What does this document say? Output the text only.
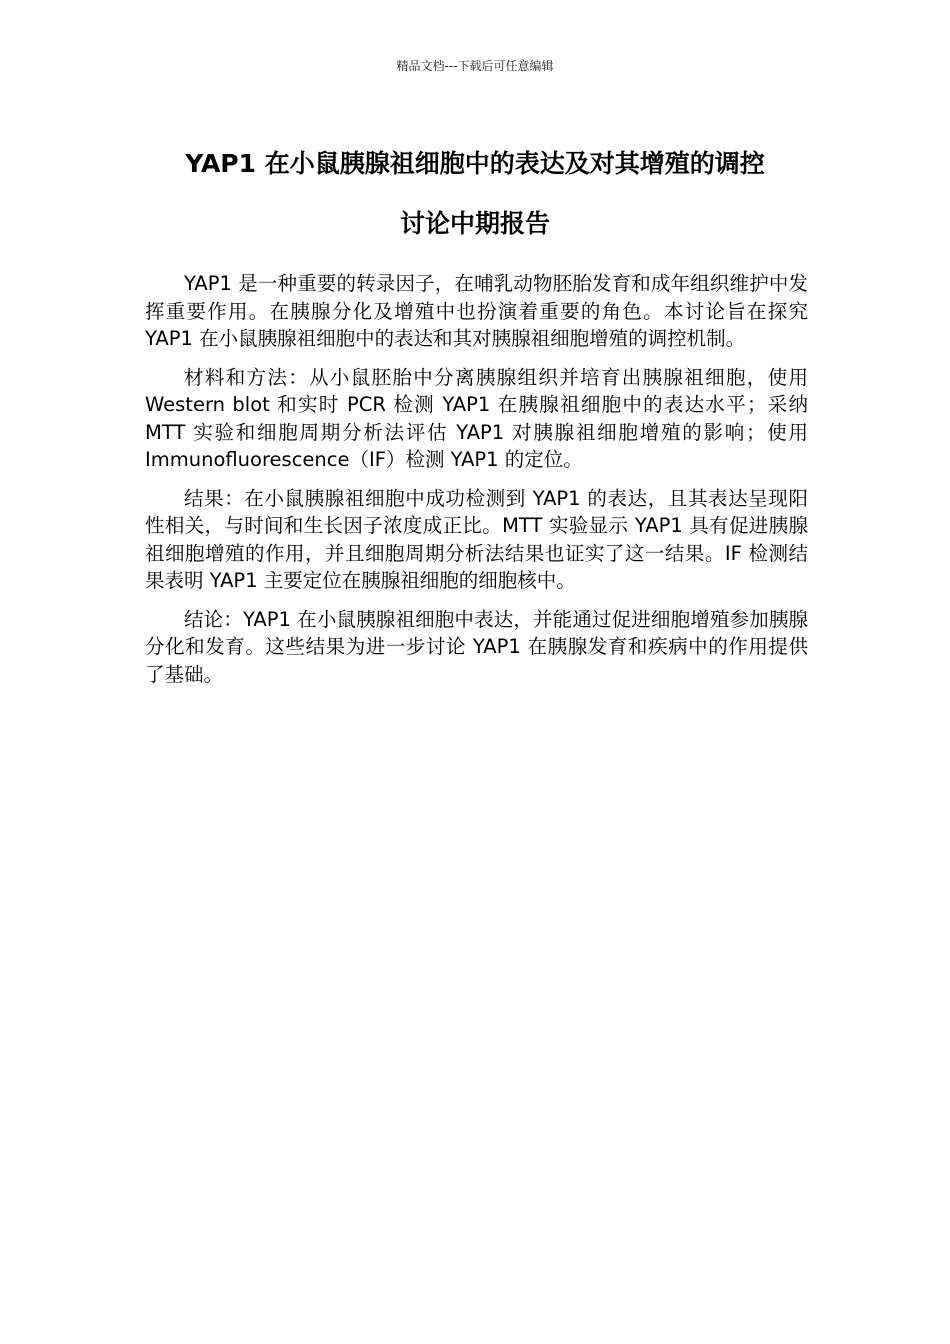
精品文档---下载后可任意编辑
YAP1 在小鼠胰腺祖细胞中的表达及对其增殖的调控
讨论中期报告

YAP1 是一种重要的转录因子，在哺乳动物胚胎发育和成年组织维护中发挥重要作用。在胰腺分化及增殖中也扮演着重要的角色。本讨论旨在探究 YAP1 在小鼠胰腺祖细胞中的表达和其对胰腺祖细胞增殖的调控机制。

材料和方法：从小鼠胚胎中分离胰腺组织并培育出胰腺祖细胞，使用 Western blot 和实时 PCR 检测 YAP1 在胰腺祖细胞中的表达水平；采纳 MTT 实验和细胞周期分析法评估 YAP1 对胰腺祖细胞增殖的影响；使用 Immunofluorescence（IF）检测 YAP1 的定位。

结果：在小鼠胰腺祖细胞中成功检测到 YAP1 的表达，且其表达呈现阳性相关，与时间和生长因子浓度成正比。MTT 实验显示 YAP1 具有促进胰腺祖细胞增殖的作用，并且细胞周期分析法结果也证实了这一结果。IF 检测结果表明 YAP1 主要定位在胰腺祖细胞的细胞核中。

结论：YAP1 在小鼠胰腺祖细胞中表达，并能通过促进细胞增殖参加胰腺分化和发育。这些结果为进一步讨论 YAP1 在胰腺发育和疾病中的作用提供了基础。
